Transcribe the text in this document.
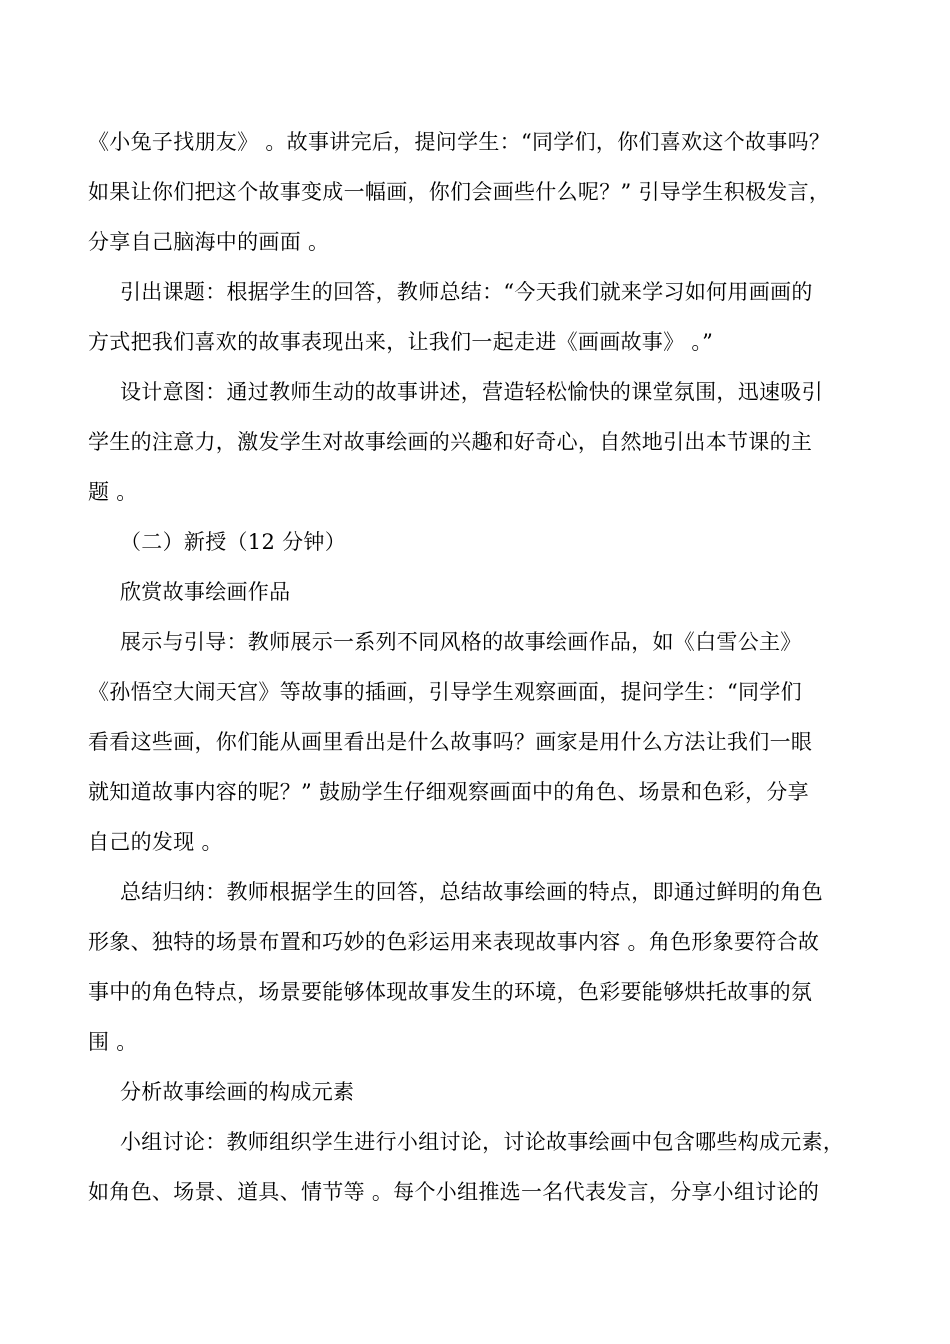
《小兔子找朋友》 。故事讲完后，提问学生：“同学们，你们喜欢这个故事吗？
如果让你们把这个故事变成一幅画，你们会画些什么呢？” 引导学生积极发言，
分享自己脑海中的画面 。
引出课题：根据学生的回答，教师总结：“今天我们就来学习如何用画画的
方式把我们喜欢的故事表现出来，让我们一起走进《画画故事》 。”
设计意图：通过教师生动的故事讲述，营造轻松愉快的课堂氛围，迅速吸引
学生的注意力，激发学生对故事绘画的兴趣和好奇心，自然地引出本节课的主
题 。
（二）新授（12 分钟）
欣赏故事绘画作品
展示与引导：教师展示一系列不同风格的故事绘画作品，如《白雪公主》
《孙悟空大闹天宫》等故事的插画，引导学生观察画面，提问学生：“同学们
看看这些画，你们能从画里看出是什么故事吗？画家是用什么方法让我们一眼
就知道故事内容的呢？” 鼓励学生仔细观察画面中的角色、场景和色彩，分享
自己的发现 。
总结归纳：教师根据学生的回答，总结故事绘画的特点，即通过鲜明的角色
形象、独特的场景布置和巧妙的色彩运用来表现故事内容 。角色形象要符合故
事中的角色特点，场景要能够体现故事发生的环境，色彩要能够烘托故事的氛
围 。
分析故事绘画的构成元素
小组讨论：教师组织学生进行小组讨论，讨论故事绘画中包含哪些构成元素，
如角色、场景、道具、情节等 。每个小组推选一名代表发言，分享小组讨论的
